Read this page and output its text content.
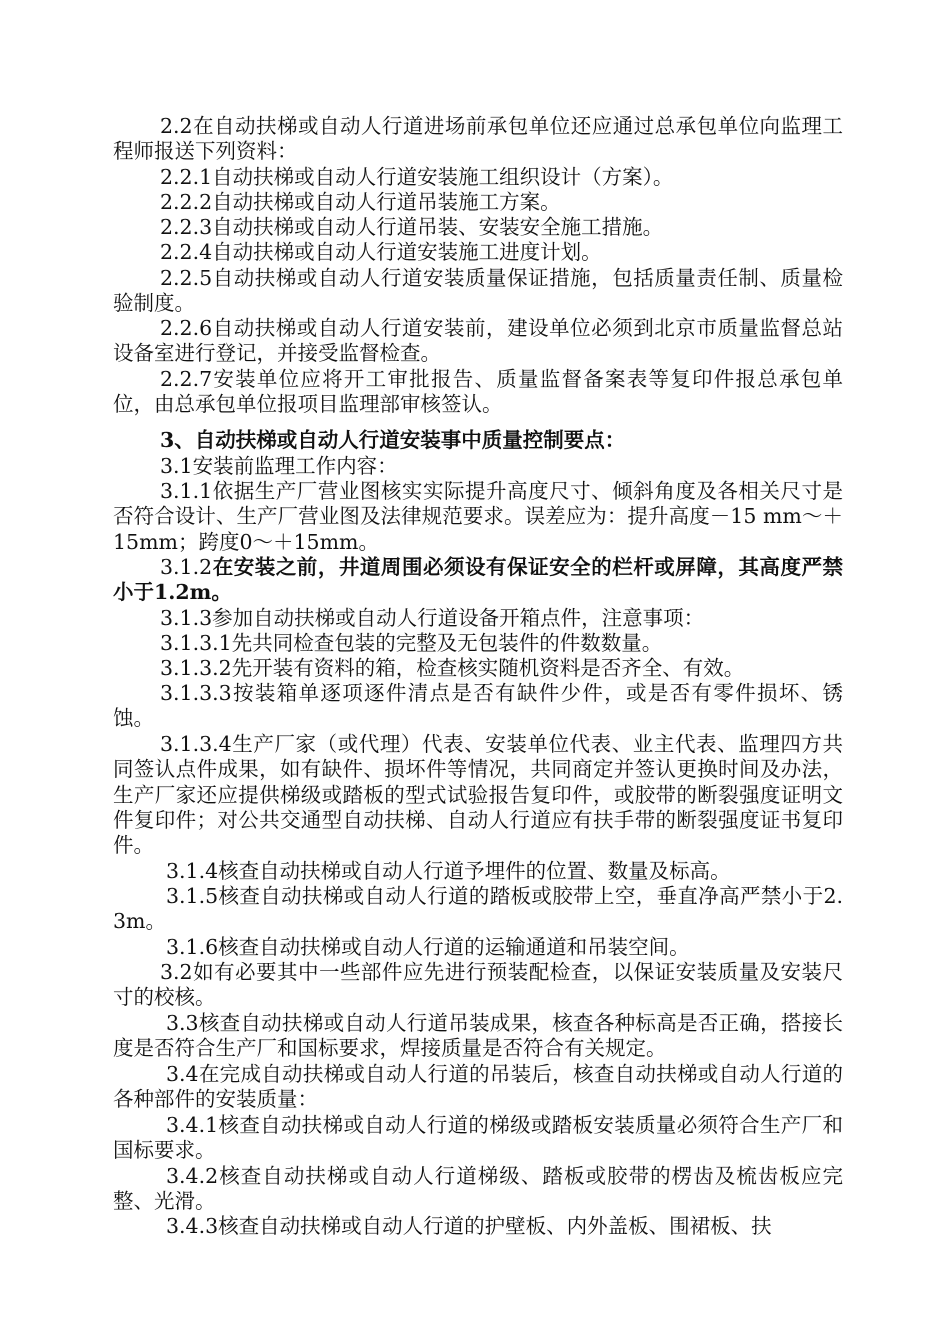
2.2在自动扶梯或自动人行道进场前承包单位还应通过总承包单位向监理工程师报送下列资料：

2.2.1自动扶梯或自动人行道安装施工组织设计（方案）。

2.2.2自动扶梯或自动人行道吊装施工方案。

2.2.3自动扶梯或自动人行道吊装、安装安全施工措施。

2.2.4自动扶梯或自动人行道安装施工进度计划。

2.2.5自动扶梯或自动人行道安装质量保证措施，包括质量责任制、质量检验制度。

2.2.6自动扶梯或自动人行道安装前，建设单位必须到北京市质量监督总站设备室进行登记，并接受监督检查。

2.2.7安装单位应将开工审批报告、质量监督备案表等复印件报总承包单位，由总承包单位报项目监理部审核签认。

3、自动扶梯或自动人行道安装事中质量控制要点：

3.1安装前监理工作内容：

3.1.1依据生产厂营业图核实实际提升高度尺寸、倾斜角度及各相关尺寸是否符合设计、生产厂营业图及法律规范要求。误差应为：提升高度－15 mm～＋15mm；跨度0～＋15mm。

3.1.2在安装之前，井道周围必须设有保证安全的栏杆或屏障，其高度严禁小于1.2m。

3.1.3参加自动扶梯或自动人行道设备开箱点件，注意事项：

3.1.3.1先共同检查包装的完整及无包装件的件数数量。

3.1.3.2先开装有资料的箱，检查核实随机资料是否齐全、有效。

3.1.3.3按装箱单逐项逐件清点是否有缺件少件，或是否有零件损坏、锈蚀。

3.1.3.4生产厂家（或代理）代表、安装单位代表、业主代表、监理四方共同签认点件成果，如有缺件、损坏件等情况，共同商定并签认更换时间及办法，生产厂家还应提供梯级或踏板的型式试验报告复印件，或胶带的断裂强度证明文件复印件；对公共交通型自动扶梯、自动人行道应有扶手带的断裂强度证书复印件。

3.1.4核查自动扶梯或自动人行道予埋件的位置、数量及标高。

3.1.5核查自动扶梯或自动人行道的踏板或胶带上空，垂直净高严禁小于2.3m。

3.1.6核查自动扶梯或自动人行道的运输通道和吊装空间。

3.2如有必要其中一些部件应先进行预装配检查，以保证安装质量及安装尺寸的校核。

3.3核查自动扶梯或自动人行道吊装成果，核查各种标高是否正确，搭接长度是否符合生产厂和国标要求，焊接质量是否符合有关规定。

3.4在完成自动扶梯或自动人行道的吊装后，核查自动扶梯或自动人行道的各种部件的安装质量：

3.4.1核查自动扶梯或自动人行道的梯级或踏板安装质量必须符合生产厂和国标要求。

3.4.2核查自动扶梯或自动人行道梯级、踏板或胶带的楞齿及梳齿板应完整、光滑。

3.4.3核查自动扶梯或自动人行道的护壁板、内外盖板、围裙板、扶
